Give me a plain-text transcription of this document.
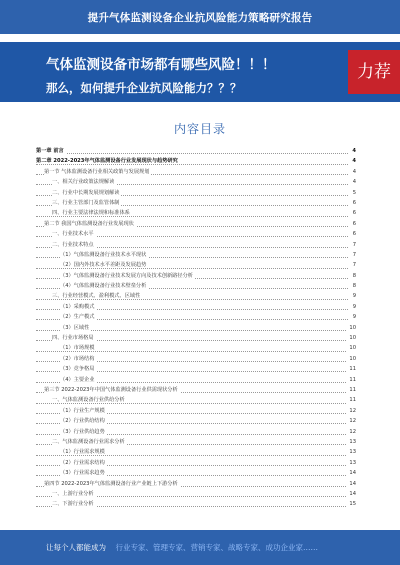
提升气体监测设备企业抗风险能力策略研究报告
气体监测设备市场都有哪些风险！！！
那么，如何提升企业抗风险能力？？？
力荐
内容目录
第一章 前言	4
第二章 2022-2023年气体监测设备行业发展现状与趋势研究	4
第一节 气体监测设备行业相关政策与发展规划	4
一、相关行业政策法规解读	4
二、行业中长期发展规划解读	5
三、行业主管部门及监管体制	6
四、行业主要法律法规和标准体系	6
第二节 我国气体监测设备行业发展现状	6
一、行业技术水平	6
二、行业技术特点	7
（1）气体监测设备行业技术水平现状	7
（2）国内外技术水平差距及发展趋势	7
（3）气体监测设备行业技术发展方向及技术创新路径分析	8
（4）气体监测设备行业技术壁垒分析	8
三、行业经营模式、盈利模式、区域性	9
（1）采购模式	9
（2）生产模式	9
（3）区域性	10
四、行业市场格局	10
（1）市场规模	10
（2）市场结构	10
（3）竞争格局	11
（4）主要企业	11
第三节 2022-2023年中国气体监测设备行业供需现状分析	11
一、气体监测设备行业供给分析	11
（1）行业生产规模	12
（2）行业供给结构	12
（3）行业供给趋势	12
二、气体监测设备行业需求分析	13
（1）行业需求规模	13
（2）行业需求结构	13
（3）行业需求趋势	14
第四节 2022-2023年气体监测设备行业产业链上下游分析	14
一、上游行业分析	14
二、下游行业分析	15
让每个人都能成为 行业专家、管理专家、营销专家、战略专家、成功企业家……
